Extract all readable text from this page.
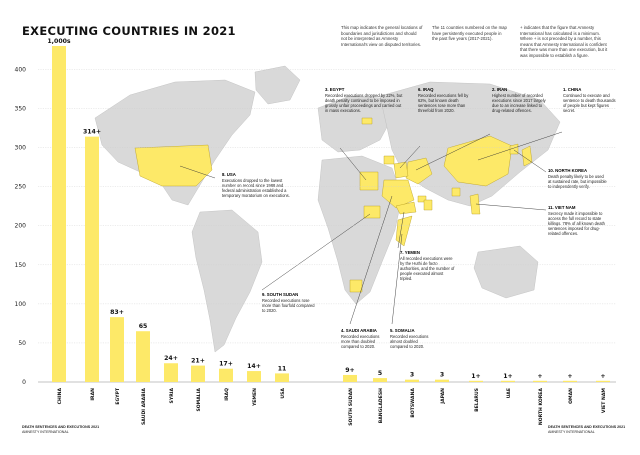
EXECUTING COUNTRIES IN 2021	This map indicates the general locations of boundaries and jurisdictions and should not be interpreted as Amnesty International's view on disputed territories.
The 11 countries numbered on the map have persistently executed people in the past five years (2017-2021).
+ indicates that the figure that Amnesty International has calculated is a minimum. Where + is not preceded by a number, this means that Amnesty International is confident that there was more than one execution, but it was impossible to establish a figure.
1. CHINA
Continued to execute and sentence to death thousands of people but kept figures secret.
2. IRAN
Highest number of recorded executions since 2017 largely due to an increase linked to drug-related offences.
3. EGYPT
Recorded executions dropped by 22%, but death penalty continued to be imposed in grossly unfair proceedings and carried out in mass executions.
4. SAUDI ARABIA
Recorded executions more than doubled compared to 2020.
5. SOMALIA
Recorded executions almost doubled compared to 2020.
6. IRAQ
Recorded executions fell by 62%, but known death sentences rose more than threefold from 2020.
7. YEMEN
All recorded executions were by the Huthi de facto authorities, and the number of people executed almost tripled.
8. USA
Executions dropped to the lowest number on record since 1988 and federal administration established a temporary moratorium on executions.
9. SOUTH SUDAN
Recorded executions rose more than fourfold compared to 2020.
10. NORTH KOREA
Death penalty likely to be used at sustained rate, but impossible to independently verify.
11. VIET NAM
Secrecy made it impossible to access the full record to state killings. 78% of all known death sentences imposed for drug-related offences.
0
50
100
150
200
250
300
350
400
1,000s
CHINA
314+
IRAN
83+
EGYPT
65
SAUDI ARABIA
24+
SYRIA
21+
SOMALIA
17+
IRAQ
14+
YEMEN
11
USA
9+
SOUTH SUDAN
5
BANGLADESH
3
BOTSWANA
3
JAPAN
1+
BELARUS
1+
UAE
+
NORTH KOREA
+
OMAN
+
VIET NAM
DEATH SENTENCES AND EXECUTIONS 2021
AMNESTY INTERNATIONAL
DEATH SENTENCES AND EXECUTIONS 2021
AMNESTY INTERNATIONAL
